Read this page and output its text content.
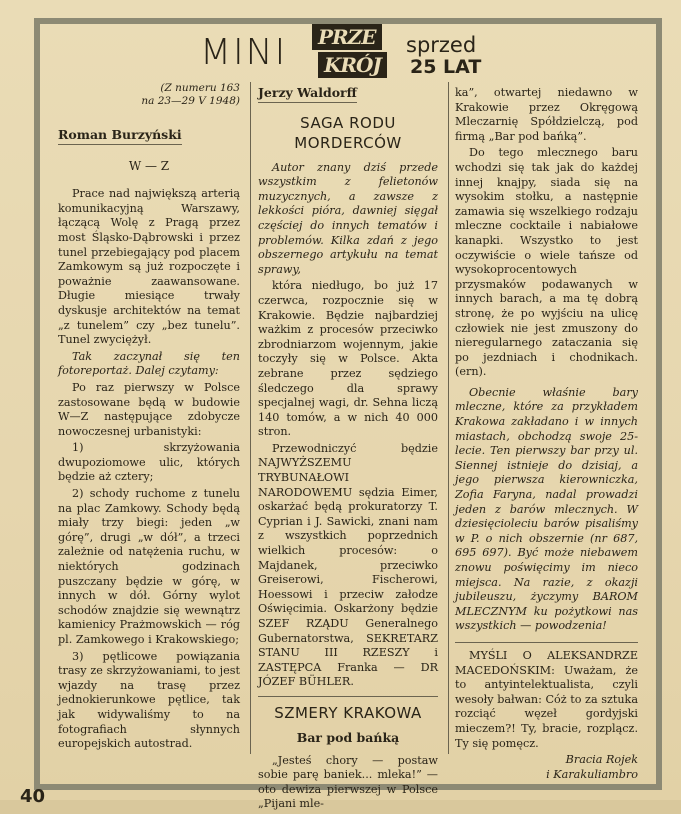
MINI	PRZE
KRÓJ
sprzed
25 LAT
(Z numeru 163
na 23—29 V 1948)
Roman Burzyński
W — Z

Prace nad największą arterią komunikacyjną Warszawy, łączącą Wolę z Pragą przez most Śląsko-Dąbrowski i przez tunel przebiegający pod placem Zamkowym są już rozpoczęte i poważnie zaawansowane. Długie miesiące trwały dyskusje architektów na temat „z tunelem” czy „bez tunelu”. Tunel zwyciężył.

Tak zaczynał się ten fotoreportaż. Dalej czytamy:

Po raz pierwszy w Polsce zastosowane będą w budowie W—Z następujące zdobycze nowoczesnej urbanistyki:

1) skrzyżowania dwupoziomowe ulic, których będzie aż cztery;

2) schody ruchome z tunelu na plac Zamkowy. Schody będą miały trzy biegi: jeden „w górę”, drugi „w dół”, a trzeci zależnie od natężenia ruchu, w niektórych godzinach puszczany będzie w górę, w innych w dół. Górny wylot schodów znajdzie się wewnątrz kamienicy Prażmowskich — róg pl. Zamkowego i Krakowskiego;

3) pętlicowe powiązania trasy ze skrzyżowaniami, to jest wjazdy na trasę przez jednokierunkowe pętlice, tak jak widywaliśmy to na fotografiach słynnych europejskich autostrad.

Jerzy Waldorff
SAGA RODU
MORDERCÓW

Autor znany dziś przede wszystkim z felietonów muzycznych, a zawsze z lekkości pióra, dawniej sięgał częściej do innych tematów i problemów. Kilka zdań z jego obszernego artykułu na temat sprawy,

która niedługo, bo już 17 czerwca, rozpocznie się w Krakowie. Będzie najbardziej ważkim z procesów przeciwko zbrodniarzom wojennym, jakie toczyły się w Polsce. Akta zebrane przez sędziego śledczego dla sprawy specjalnej wagi, dr. Sehna liczą 140 tomów, a w nich 40 000 stron.

Przewodniczyć będzie NAJWYŻSZEMU TRYBUNAŁOWI NARODOWEMU sędzia Eimer, oskarżać będą prokuratorzy T. Cyprian i J. Sawicki, znani nam z wszystkich poprzednich wielkich procesów: o Majdanek, przeciwko Greiserowi, Fischerowi, Hoessowi i przeciw załodze Oświęcimia. Oskarżony będzie SZEF RZĄDU Generalnego Gubernatorstwa, SEKRETARZ STANU III RZESZY i ZASTĘPCA Franka — DR JÓZEF BÜHLER.

SZMERY KRAKOWA
Bar pod bańką

„Jesteś chory — postaw sobie parę baniek... mleka!” — oto dewiza pierwszej w Polsce „Pijani mle-

ka”, otwartej niedawno w Krakowie przez Okręgową Mleczarnię Spółdzielczą, pod firmą „Bar pod bańką”.

Do tego mlecznego baru wchodzi się tak jak do każdej innej knajpy, siada się na wysokim stołku, a następnie zamawia się wszelkiego rodzaju mleczne cocktaile i nabiałowe kanapki. Wszystko to jest oczywiście o wiele tańsze od wysokoprocentowych przysmaków podawanych w innych barach, a ma tę dobrą stronę, że po wyjściu na ulicę człowiek nie jest zmuszony do nieregularnego zataczania się po jezdniach i chodnikach. (ern).

Obecnie właśnie bary mleczne, które za przykładem Krakowa zakładano i w innych miastach, obchodzą swoje 25-lecie. Ten pierwszy bar przy ul. Siennej istnieje do dzisiaj, a jego pierwsza kierowniczka, Zofia Faryna, nadal prowadzi jeden z barów mlecznych. W dziesięcioleciu barów pisaliśmy w P. o nich obszernie (nr 687, 695 697). Być może niebawem znowu poświęcimy im nieco miejsca. Na razie, z okazji jubileuszu, życzymy BAROM MLECZNYM ku pożytkowi nas wszystkich — powodzenia!

MYŚLI O ALEKSANDRZE MACEDOŃSKIM: Uważam, że to antyintelektualista, czyli wesoły bałwan: Cóż to za sztuka rozciąć węzeł gordyjski mieczem?! Ty, bracie, rozplącz. Ty się pomęcz.

Bracia Rojek
i Karakuliambro
40
